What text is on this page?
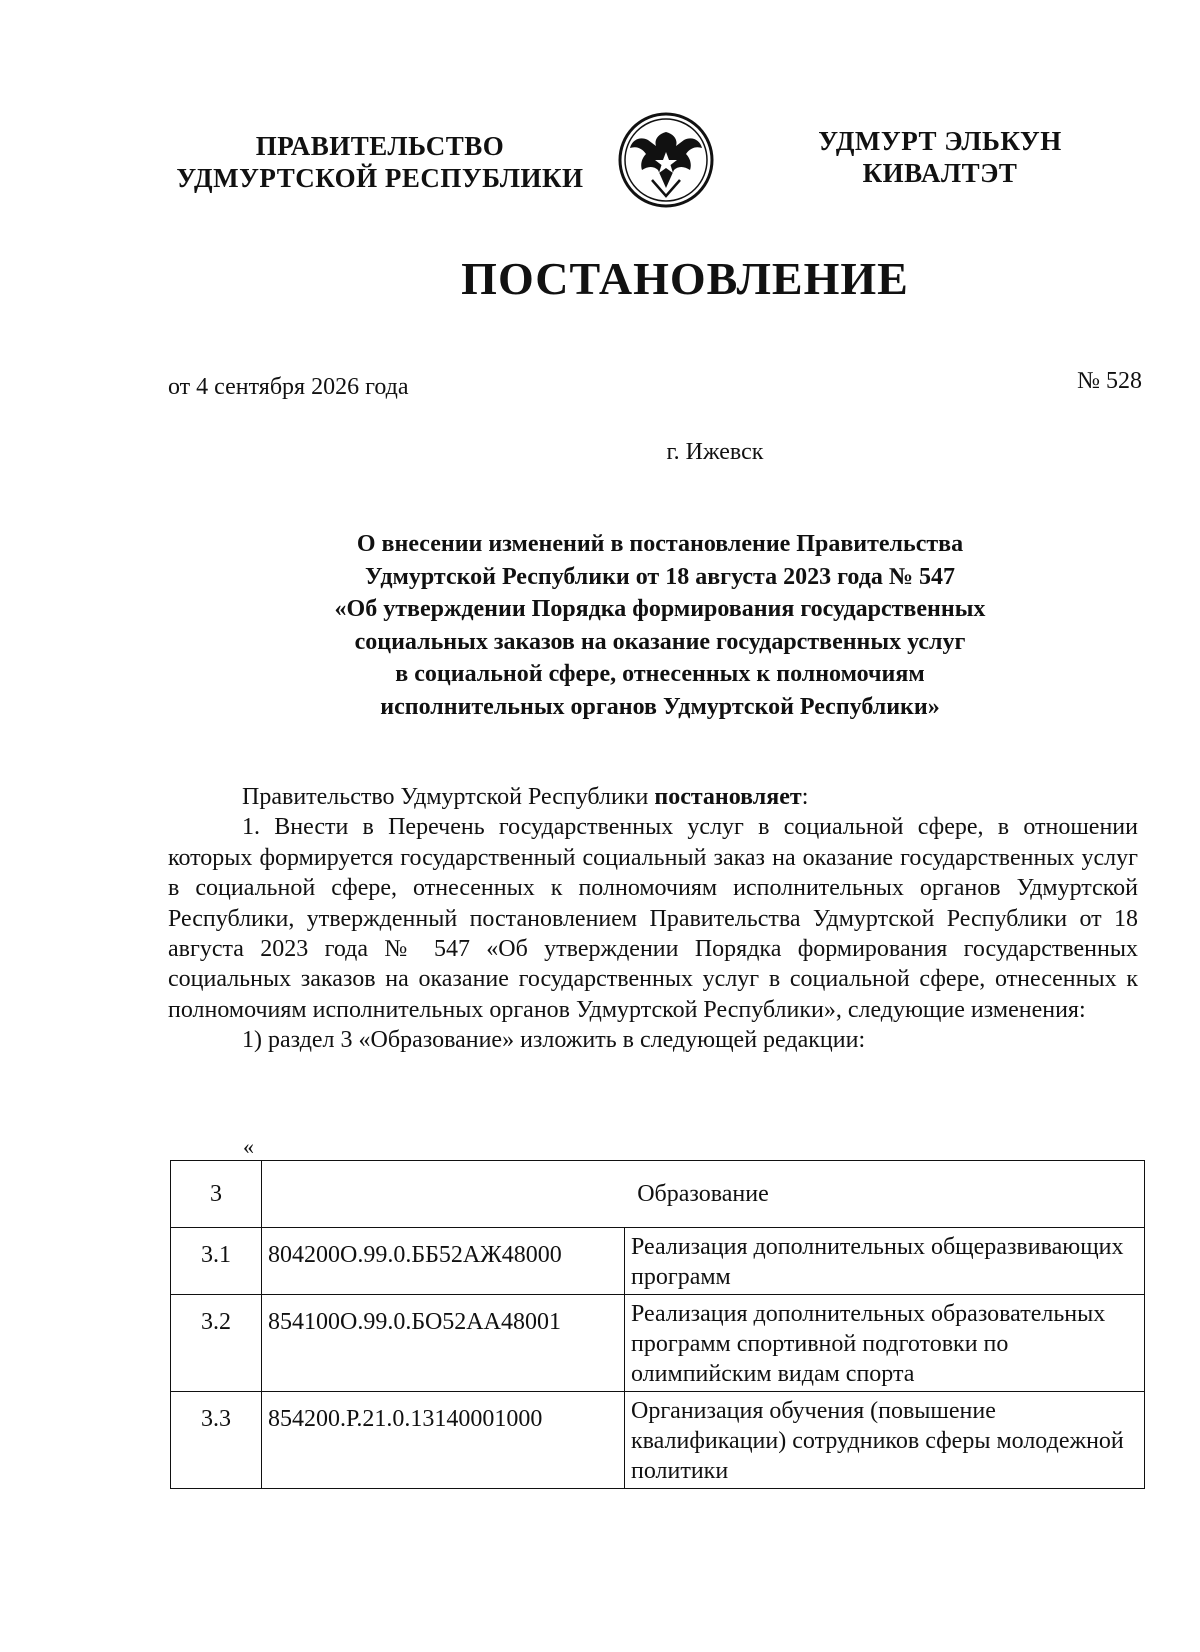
ПРАВИТЕЛЬСТВО
УДМУРТСКОЙ РЕСПУБЛИКИ
УДМУРТ ЭЛЬКУН
КИВАЛТЭТ
ПОСТАНОВЛЕНИЕ
от 4 сентября 2026 года	№ 528
г. Ижевск
О внесении изменений в постановление Правительства
Удмуртской Республики от 18 августа 2023 года № 547
«Об утверждении Порядка формирования государственных
социальных заказов на оказание государственных услуг
в социальной сфере, отнесенных к полномочиям
исполнительных органов Удмуртской Республики»

Правительство Удмуртской Республики постановляет:

1. Внести в Перечень государственных услуг в социальной сфере, в отношении которых формируется государственный социальный заказ на оказание государственных услуг в социальной сфере, отнесенных к полномочиям исполнительных органов Удмуртской Республики, утвержденный постановлением Правительства Удмуртской Республики от 18 августа 2023 года № 547 «Об утверждении Порядка формирования государственных социальных заказов на оказание государственных услуг в социальной сфере, отнесенных к полномочиям исполнительных органов Удмуртской Республики», следующие изменения:

1) раздел 3 «Образование» изложить в следующей редакции:

«
3	Образование	
3.1	804200О.99.0.ББ52АЖ48000	Реализация дополнительных общеразвивающих программ
3.2	854100О.99.0.БО52АА48001	Реализация дополнительных образовательных программ спортивной подготовки по олимпийским видам спорта
3.3	854200.Р.21.0.13140001000	Организация обучения (повышение квалификации) сотрудников сферы молодежной политики
